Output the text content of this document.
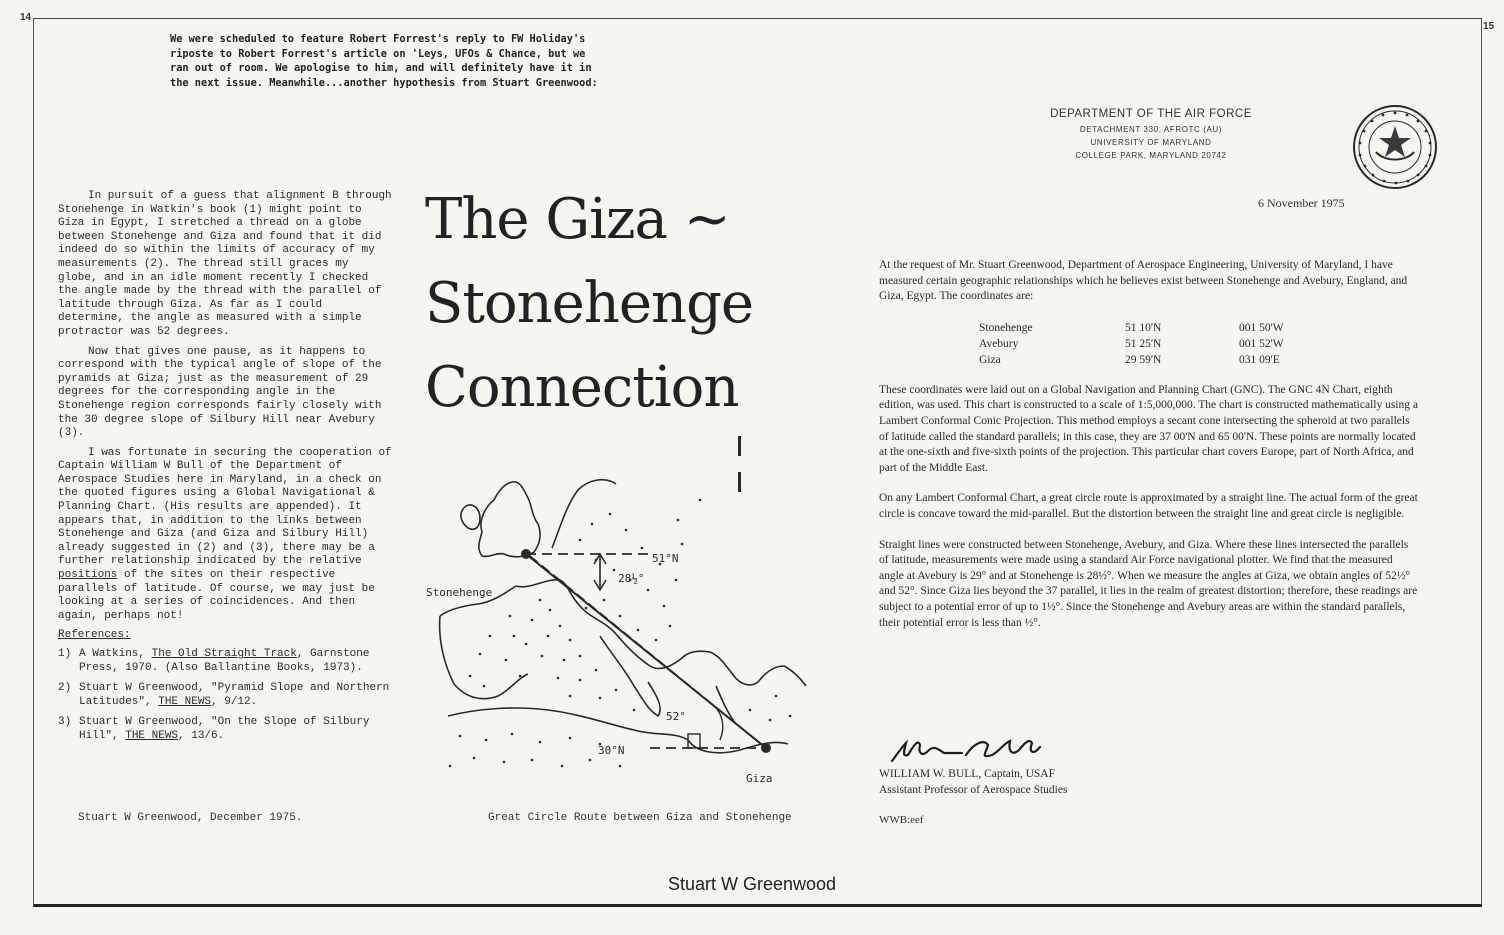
14
15

We were scheduled to feature Robert Forrest's reply to FW Holiday's

riposte to Robert Forrest's article on 'Leys, UFOs & Chance, but we

ran out of room. We apologise to him, and will definitely have it in

the next issue. Meanwhile...another hypothesis from Stuart Greenwood:

In pursuit of a guess that alignment B through Stonehenge in Watkin's book (1) might point to Giza in Egypt, I stretched a thread on a globe between Stonehenge and Giza and found that it did indeed do so within the limits of accuracy of my measurements (2). The thread still graces my globe, and in an idle moment recently I checked the angle made by the thread with the parallel of latitude through Giza. As far as I could determine, the angle as measured with a simple protractor was 52 degrees.

Now that gives one pause, as it happens to correspond with the typical angle of slope of the pyramids at Giza; just as the measurement of 29 degrees for the corresponding angle in the Stonehenge region corresponds fairly closely with the 30 degree slope of Silbury Hill near Avebury (3).

I was fortunate in securing the cooperation of Captain William W Bull of the Department of Aerospace Studies here in Maryland, in a check on the quoted figures using a Global Navigational & Planning Chart. (His results are appended). It appears that, in addition to the links between Stonehenge and Giza (and Giza and Silbury Hill) already suggested in (2) and (3), there may be a further relationship indicated by the relative positions of the sites on their respective parallels of latitude. Of course, we may just be looking at a series of coincidences. And then again, perhaps not!

References:
1) A Watkins, The Old Straight Track, Garnstone Press, 1970. (Also Ballantine Books, 1973).
2) Stuart W Greenwood, "Pyramid Slope and Northern Latitudes", THE NEWS, 9/12.
3) Stuart W Greenwood, "On the Slope of Silbury Hill", THE NEWS, 13/6.
Stuart W Greenwood, December 1975.
The Giza ~
Stonehenge
Connection
Stonehenge
Giza
51°N
28½°
52°
30°N
Great Circle Route between Giza and Stonehenge
DEPARTMENT OF THE AIR FORCE
DETACHMENT 330, AFROTC (AU)
UNIVERSITY OF MARYLAND
COLLEGE PARK, MARYLAND 20742
6 November 1975

At the request of Mr. Stuart Greenwood, Department of Aerospace Engineering, University of Maryland, I have measured certain geographic relationships which he believes exist between Stonehenge and Avebury, England, and Giza, Egypt. The coordinates are:

Stonehenge	51 10'N	001 50'W
Avebury	51 25'N	001 52'W
Giza	29 59'N	031 09'E

These coordinates were laid out on a Global Navigation and Planning Chart (GNC). The GNC 4N Chart, eighth edition, was used. This chart is constructed to a scale of 1:5,000,000. The chart is constructed mathematically using a Lambert Conformal Conic Projection. This method employs a secant cone intersecting the spheroid at two parallels of latitude called the standard parallels; in this case, they are 37 00'N and 65 00'N. These points are normally located at the one-sixth and five-sixth points of the projection. This particular chart covers Europe, part of North Africa, and part of the Middle East.

On any Lambert Conformal Chart, a great circle route is approximated by a straight line. The actual form of the great circle is concave toward the mid-parallel. But the distortion between the straight line and great circle is negligible.

Straight lines were constructed between Stonehenge, Avebury, and Giza. Where these lines intersected the parallels of latitude, measurements were made using a standard Air Force navigational plotter. We find that the measured angle at Avebury is 29° and at Stonehenge is 28½°. When we measure the angles at Giza, we obtain angles of 52½° and 52°. Since Giza lies beyond the 37 parallel, it lies in the realm of greatest distortion; therefore, these readings are subject to a potential error of up to 1½°. Since the Stonehenge and Avebury areas are within the standard parallels, their potential error is less than ½°.

WILLIAM W. BULL, Captain, USAF
Assistant Professor of Aerospace Studies
WWB:eef
Stuart W Greenwood
